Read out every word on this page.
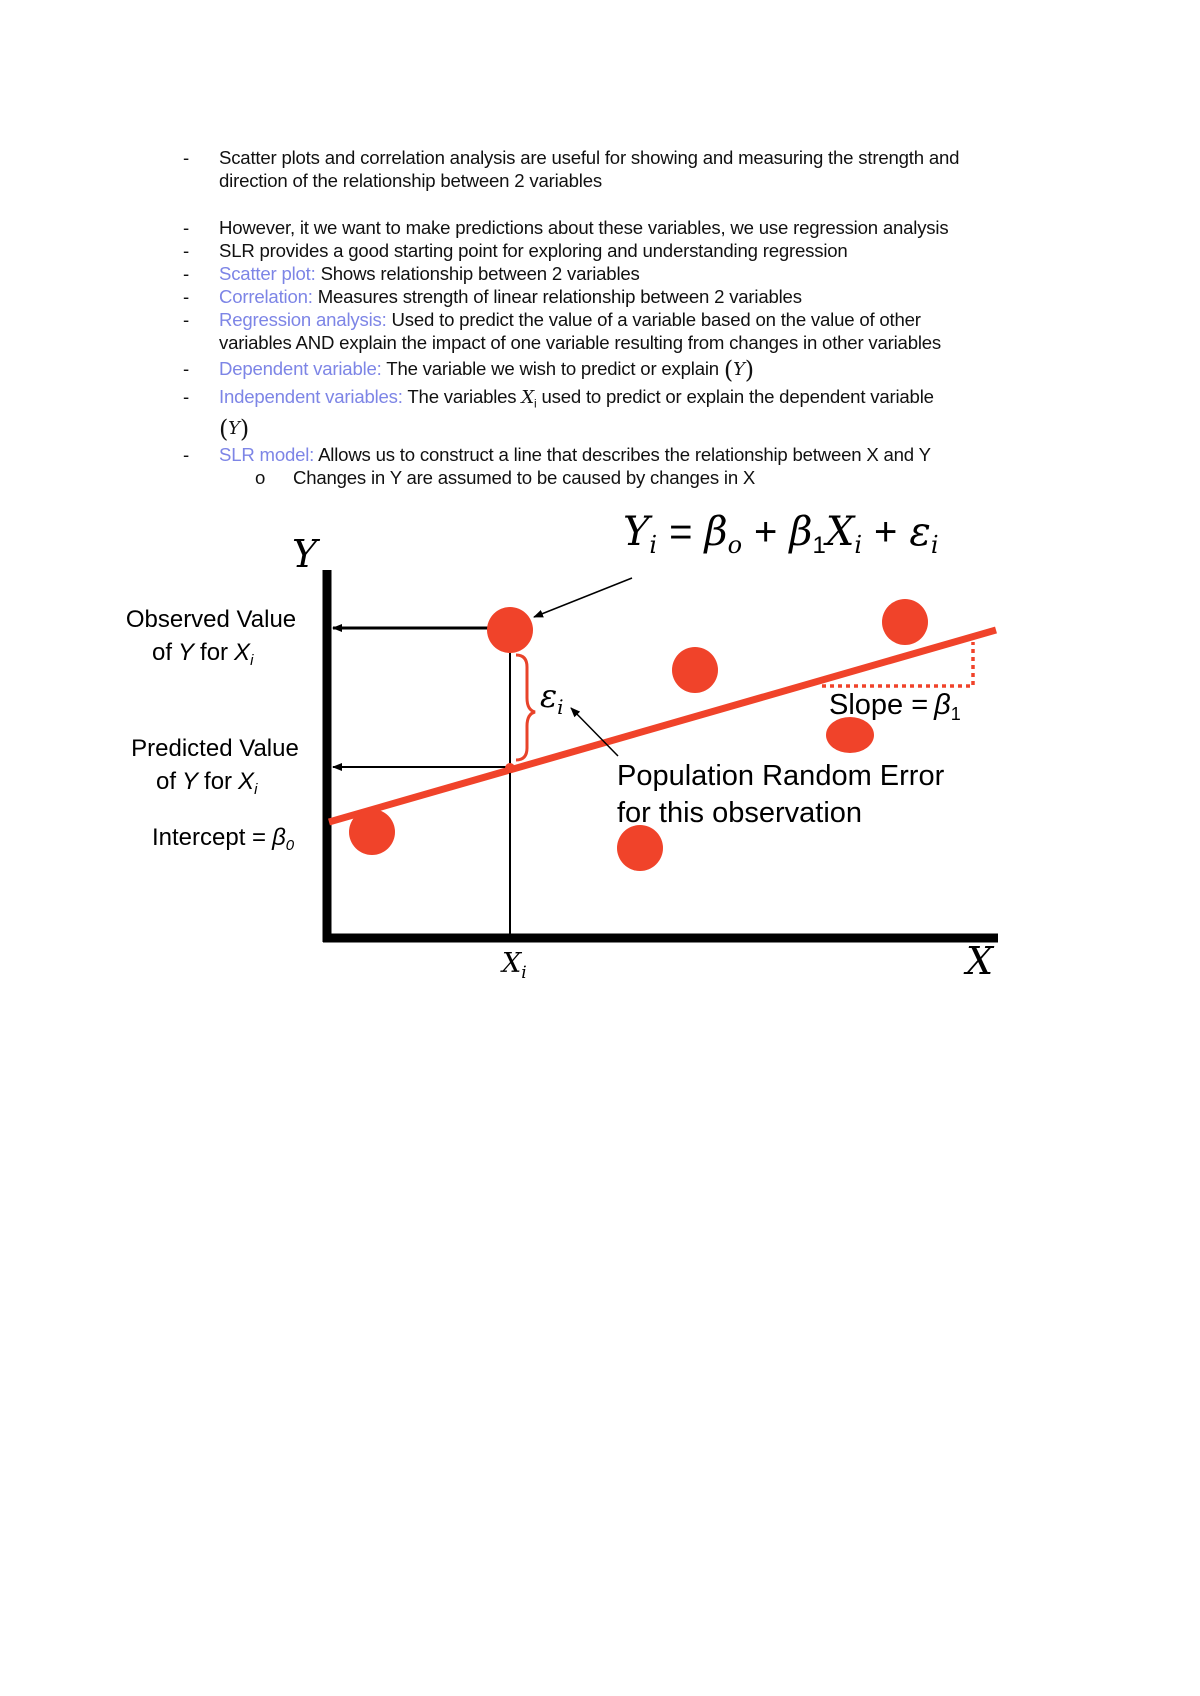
- Scatter plots and correlation analysis are useful for showing and measuring the strength and
direction of the relationship between 2 variables
- However, it we want to make predictions about these variables, we use regression analysis
- SLR provides a good starting point for exploring and understanding regression
- Scatter plot: Shows relationship between 2 variables
- Correlation: Measures strength of linear relationship between 2 variables
- Regression analysis: Used to predict the value of a variable based on the value of other
variables AND explain the impact of one variable resulting from changes in other variables
- Dependent variable: The variable we wish to predict or explain (Y)
- Independent variables: The variables $X_i$ used to predict or explain the dependent variable
(Y)
- SLR model: Allows us to construct a line that describes the relationship between X and Y
o Changes in Y are assumed to be caused by changes in X
$Y_i = \beta_o + \beta_1X_i + \varepsilon_i$
Y
X
$X_i$
$\varepsilon_i$
Observed Value
of Y for $X_i$
Predicted Value
of Y for $X_i$
Intercept = $\beta_0$
Slope = $\beta_1$
Population Random Error
for this observation
